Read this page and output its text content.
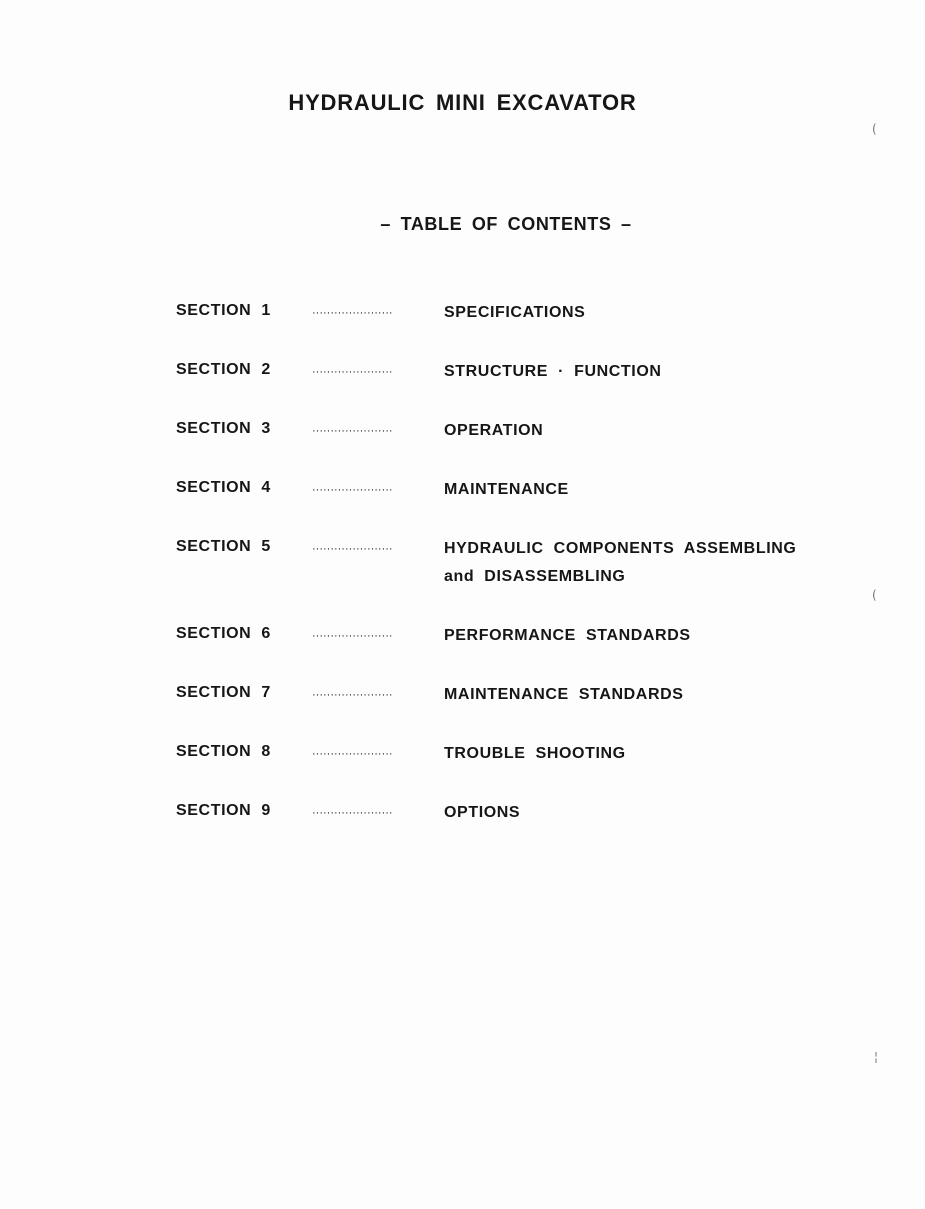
HYDRAULIC MINI EXCAVATOR
– TABLE OF CONTENTS –
SECTION 1	······················	SPECIFICATIONS
SECTION 2	······················	STRUCTURE · FUNCTION
SECTION 3	······················	OPERATION
SECTION 4	······················	MAINTENANCE
SECTION 5	······················	HYDRAULIC COMPONENTS ASSEMBLING
and DISASSEMBLING
SECTION 6	······················	PERFORMANCE STANDARDS
SECTION 7	······················	MAINTENANCE STANDARDS
SECTION 8	······················	TROUBLE SHOOTING
SECTION 9	······················	OPTIONS
(
(
¦
